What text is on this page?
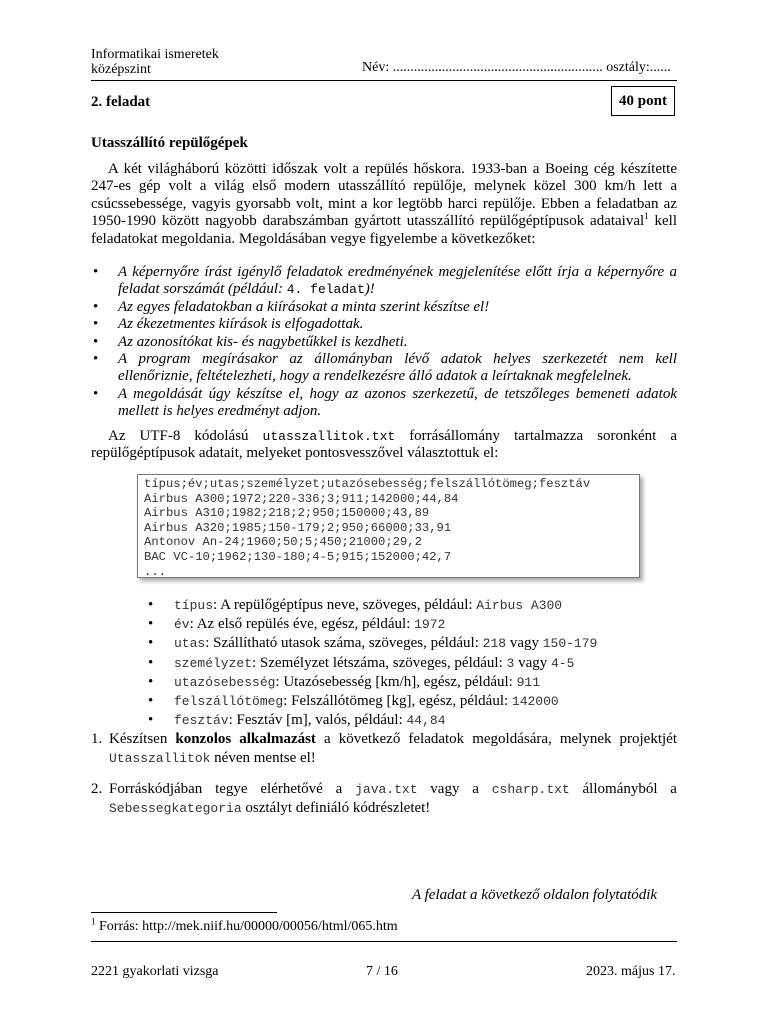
Informatikai ismeretek
középszint	Név: ............................................................ osztály:......
2. feladat	40 pont
Utasszállító repülőgépek
A két világháború közötti időszak volt a repülés hőskora. 1933-ban a Boeing cég készítette 247-es gép volt a világ első modern utasszállító repülője, melynek közel 300 km/h lett a csúcssebessége, vagyis gyorsabb volt, mint a kor legtöbb harci repülője. Ebben a feladatban az 1950-1990 között nagyobb darabszámban gyártott utasszállító repülőgéptípusok adataival$^1$ kell feladatokat megoldania. Megoldásában vegye figyelembe a következőket:
• A képernyőre írást igénylő feladatok eredményének megjelenítése előtt írja a képernyőre a feladat sorszámát (például: 4. feladat)!
• Az egyes feladatokban a kiírásokat a minta szerint készítse el!
• Az ékezetmentes kiírások is elfogadottak.
• Az azonosítókat kis- és nagybetűkkel is kezdheti.
• A program megírásakor az állományban lévő adatok helyes szerkezetét nem kell ellenőriznie, feltételezheti, hogy a rendelkezésre álló adatok a leírtaknak megfelelnek.
• A megoldását úgy készítse el, hogy az azonos szerkezetű, de tetszőleges bemeneti adatok mellett is helyes eredményt adjon.
Az UTF-8 kódolású utasszallitok.txt forrásállomány tartalmazza soronként a repülőgéptípusok adatait, melyeket pontosvesszővel választottuk el:
típus;év;utas;személyzet;utazósebesség;felszállótömeg;fesztáv
Airbus A300;1972;220-336;3;911;142000;44,84
Airbus A310;1982;218;2;950;150000;43,89
Airbus A320;1985;150-179;2;950;66000;33,91
Antonov An-24;1960;50;5;450;21000;29,2
BAC VC-10;1962;130-180;4-5;915;152000;42,7
...
• típus: A repülőgéptípus neve, szöveges, például: Airbus A300
• év: Az első repülés éve, egész, például: 1972
• utas: Szállítható utasok száma, szöveges, például: 218 vagy 150-179
• személyzet: Személyzet létszáma, szöveges, például: 3 vagy 4-5
• utazósebesség: Utazósebesség [km/h], egész, például: 911
• felszállótömeg: Felszállótömeg [kg], egész, például: 142000
• fesztáv: Fesztáv [m], valós, például: 44,84
1. Készítsen konzolos alkalmazást a következő feladatok megoldására, melynek projektjét Utasszallitok néven mentse el!
2. Forráskódjában tegye elérhetővé a java.txt vagy a csharp.txt állományból a Sebessegkategoria osztályt definiáló kódrészletet!
A feladat a következő oldalon folytatódik
$^1$ Forrás: http://mek.niif.hu/00000/00056/html/065.htm
2221 gyakorlati vizsga	7 / 16	2023. május 17.
